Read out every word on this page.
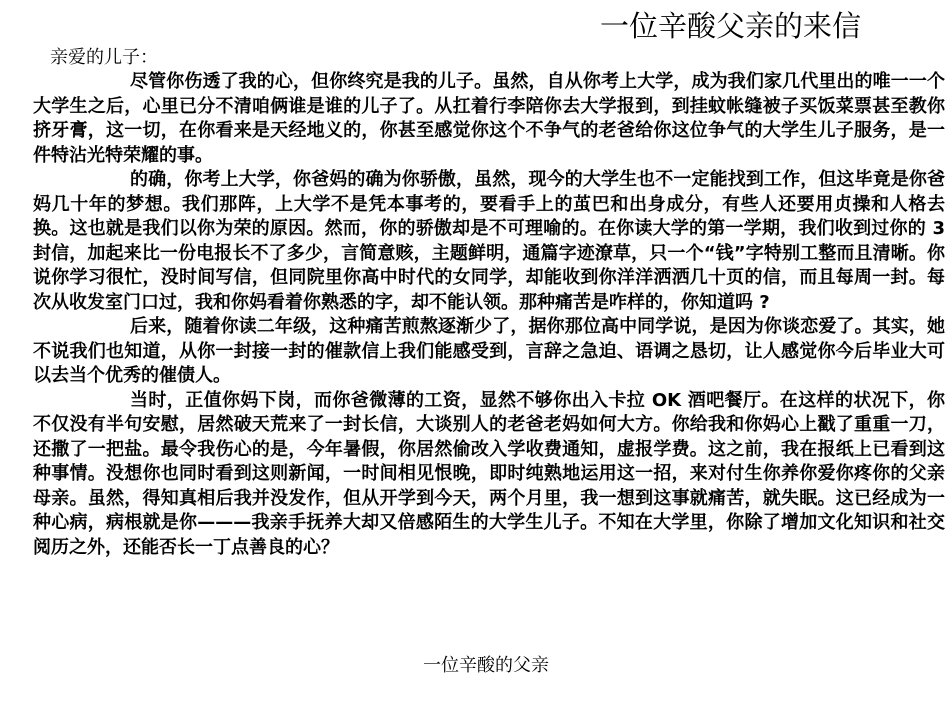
一位辛酸父亲的来信
亲爱的儿子：

尽管你伤透了我的心，但你终究是我的儿子。虽然，自从你考上大学，成为我们家几代里出的唯一一个大学生之后，心里已分不清咱俩谁是谁的儿子了。从扛着行李陪你去大学报到，到挂蚊帐缝被子买饭菜票甚至教你挤牙膏，这一切，在你看来是天经地义的，你甚至感觉你这个不争气的老爸给你这位争气的大学生儿子服务，是一件特沾光特荣耀的事。

的确，你考上大学，你爸妈的确为你骄傲，虽然，现今的大学生也不一定能找到工作，但这毕竟是你爸妈几十年的梦想。我们那阵，上大学不是凭本事考的，要看手上的茧巴和出身成分，有些人还要用贞操和人格去换。这也就是我们以你为荣的原因。然而，你的骄傲却是不可理喻的。在你读大学的第一学期，我们收到过你的 3 封信，加起来比一份电报长不了多少，言简意赅，主题鲜明，通篇字迹潦草，只一个“钱”字特别工整而且清晰。你说你学习很忙，没时间写信，但同院里你高中时代的女同学，却能收到你洋洋洒洒几十页的信，而且每周一封。每次从收发室门口过，我和你妈看着你熟悉的字，却不能认领。那种痛苦是咋样的，你知道吗 ?

后来，随着你读二年级，这种痛苦煎熬逐渐少了，据你那位高中同学说，是因为你谈恋爱了。其实，她不说我们也知道，从你一封接一封的催款信上我们能感受到，言辞之急迫、语调之恳切，让人感觉你今后毕业大可以去当个优秀的催债人。

当时，正值你妈下岗，而你爸微薄的工资，显然不够你出入卡拉 OK 酒吧餐厅。在这样的状况下，你不仅没有半句安慰，居然破天荒来了一封长信，大谈别人的老爸老妈如何大方。你给我和你妈心上戳了重重一刀，还撒了一把盐。最令我伤心的是，今年暑假，你居然偷改入学收费通知，虚报学费。这之前，我在报纸上已看到这种事情。没想你也同时看到这则新闻，一时间相见恨晚，即时纯熟地运用这一招，来对付生你养你爱你疼你的父亲母亲。虽然，得知真相后我并没发作，但从开学到今天，两个月里，我一想到这事就痛苦，就失眠。这已经成为一种心病，病根就是你———我亲手抚养大却又倍感陌生的大学生儿子。不知在大学里，你除了增加文化知识和社交阅历之外，还能否长一丁点善良的心？

一位辛酸的父亲
